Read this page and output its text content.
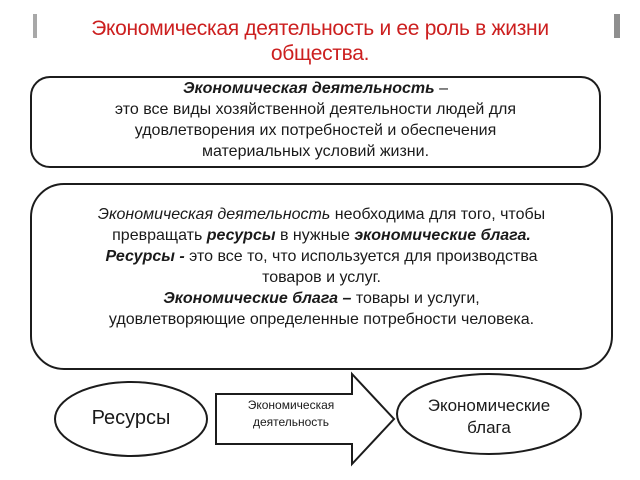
Экономическая деятельность и ее роль в жизни общества.
Экономическая деятельность –
это все виды хозяйственной деятельности людей для
удовлетворения их потребностей и обеспечения
материальных условий жизни.
Экономическая деятельность необходима для того, чтобы
превращать ресурсы в нужные экономические блага.
Ресурсы - это все то, что используется для производства
товаров и услуг.
Экономические блага – товары и услуги,
удовлетворяющие определенные потребности человека.
Ресурсы
Экономическая
деятельность
Экономические
блага
